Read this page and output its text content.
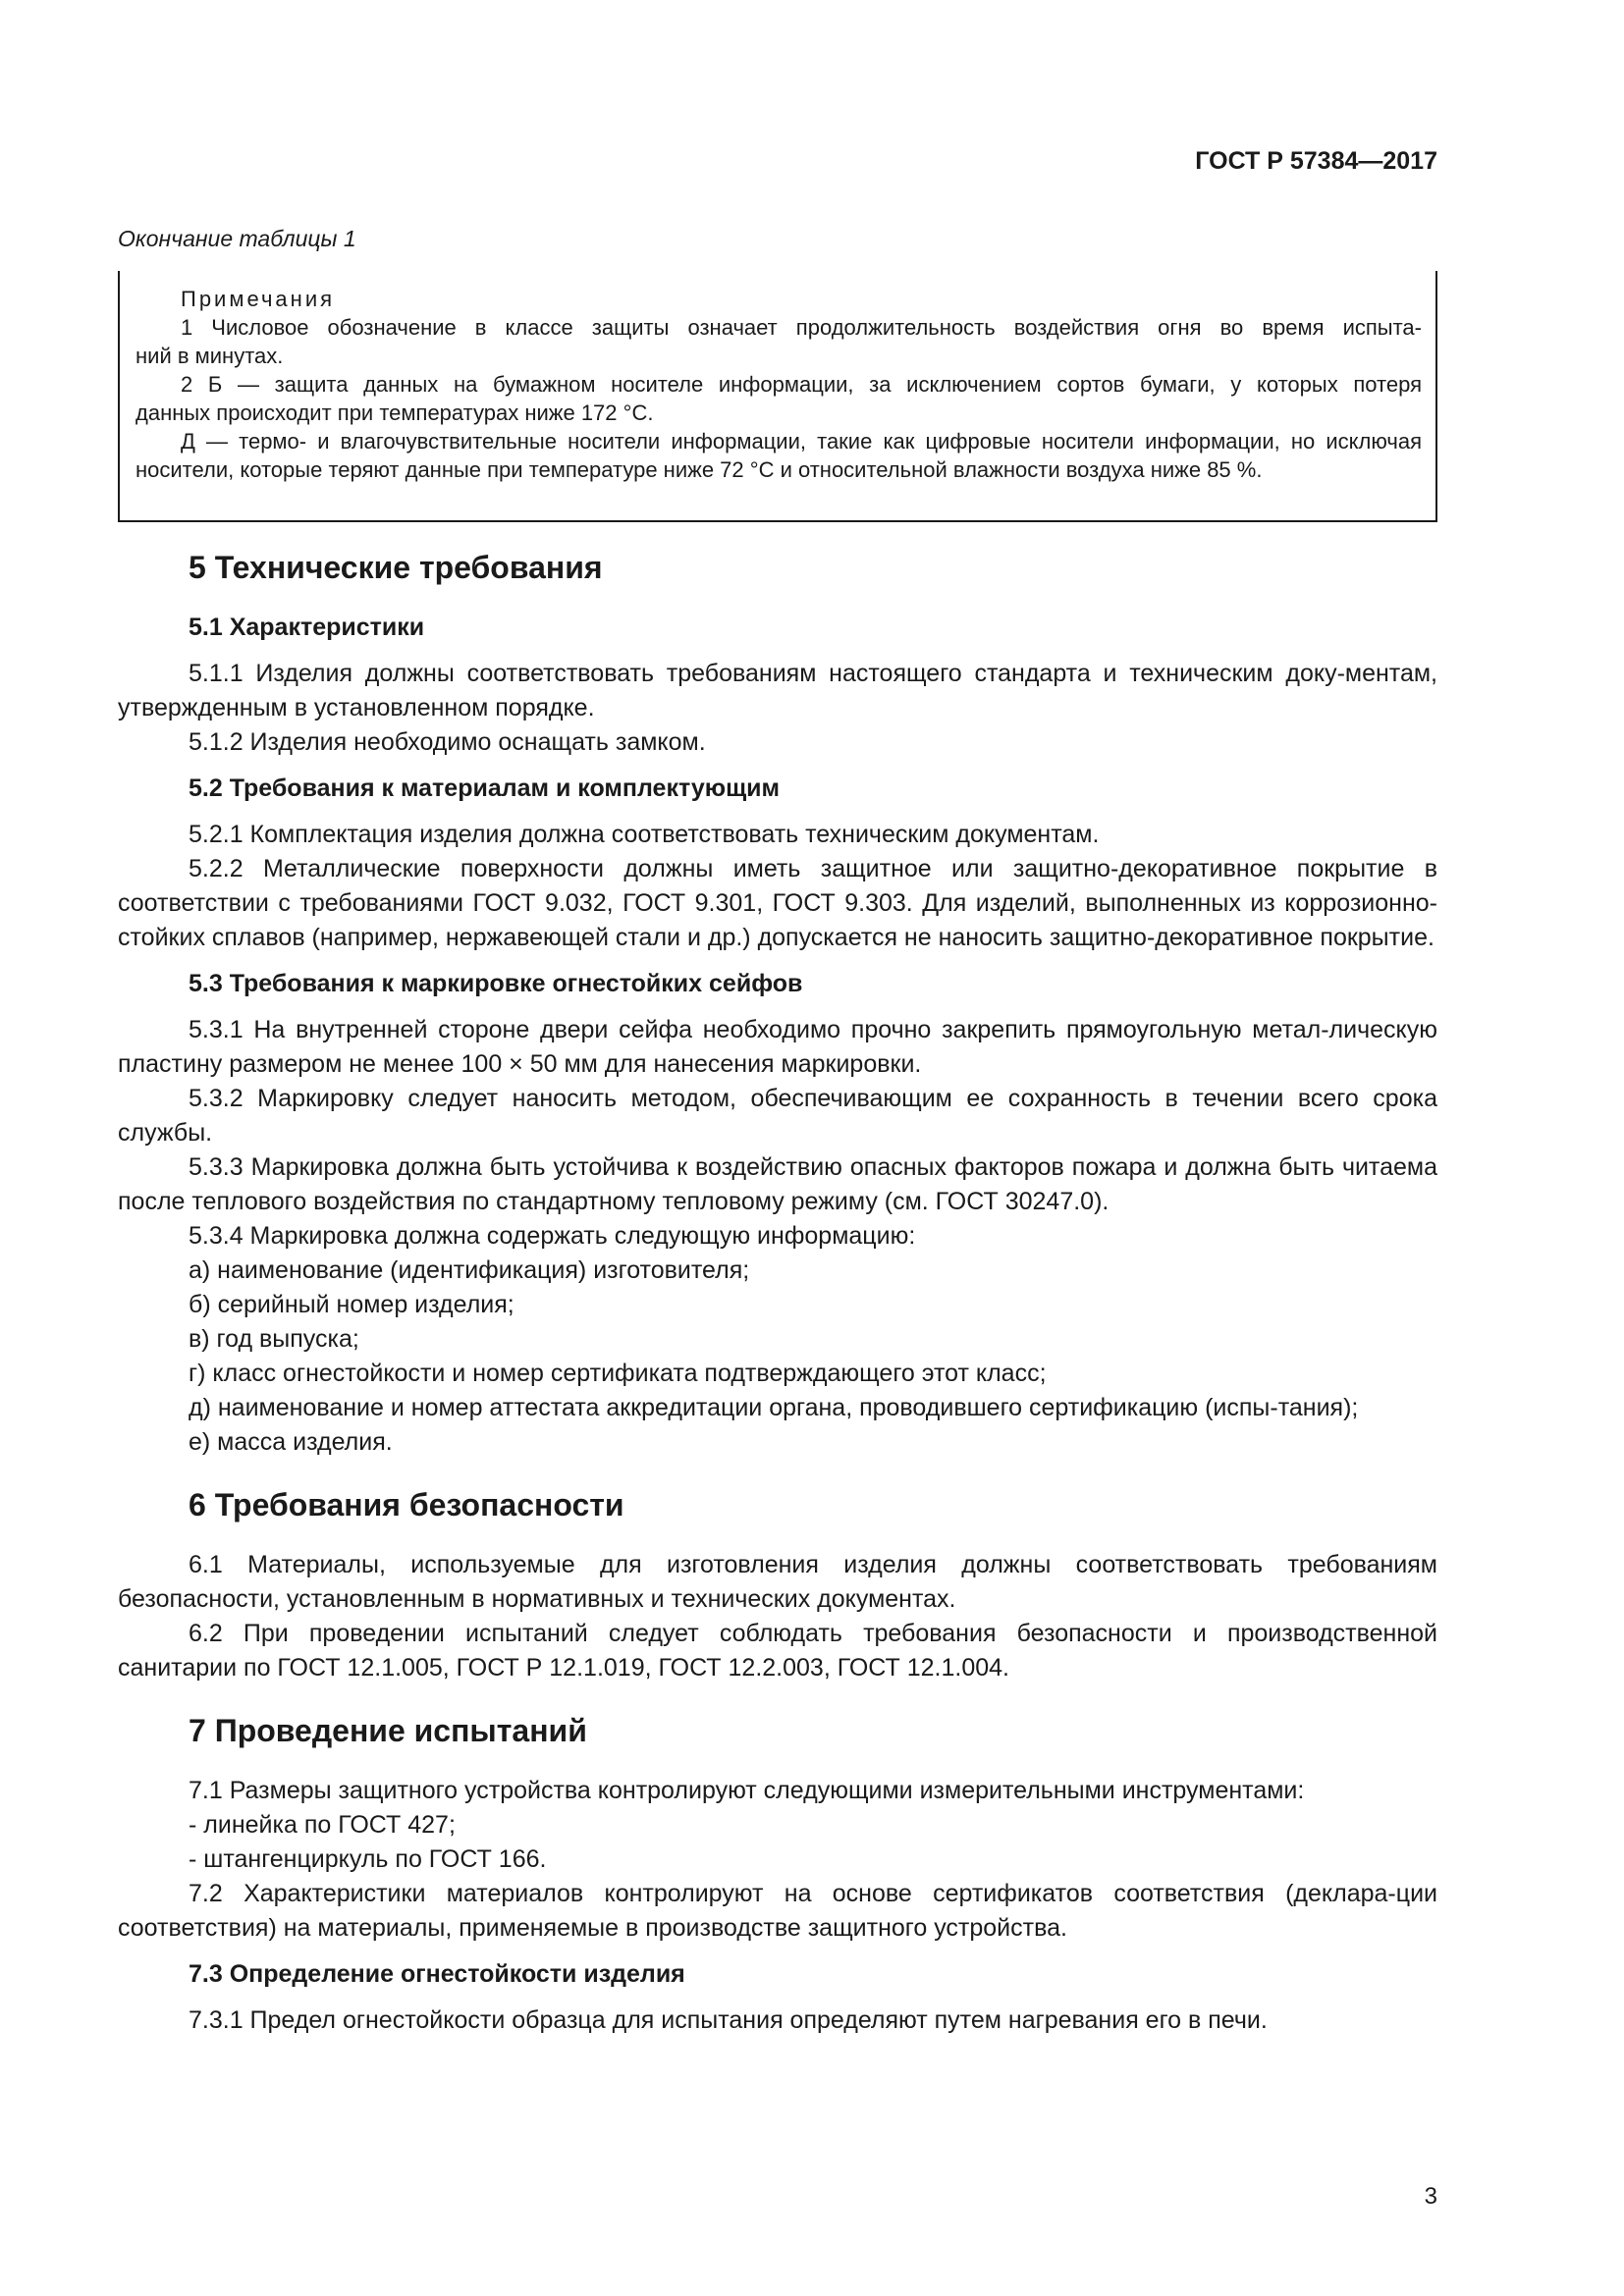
ГОСТ Р 57384—2017
Окончание таблицы 1

Примечания

1 Числовое обозначение в классе защиты означает продолжительность воздействия огня во время испыта-

ний в минутах.

2 Б — защита данных на бумажном носителе информации, за исключением сортов бумаги, у которых потеря

данных происходит при температурах ниже 172 °C.

Д — термо- и влагочувствительные носители информации, такие как цифровые носители информации, но исключая носители, которые теряют данные при температуре ниже 72 °C и относительной влажности воздуха ниже 85 %.

5 Технические требования
5.1 Характеристики

5.1.1 Изделия должны соответствовать требованиям настоящего стандарта и техническим доку-ментам, утвержденным в установленном порядке.

5.1.2 Изделия необходимо оснащать замком.

5.2 Требования к материалам и комплектующим

5.2.1 Комплектация изделия должна соответствовать техническим документам.

5.2.2 Металлические поверхности должны иметь защитное или защитно-декоративное покрытие в соответствии с требованиями ГОСТ 9.032, ГОСТ 9.301, ГОСТ 9.303. Для изделий, выполненных из коррозионно-стойких сплавов (например, нержавеющей стали и др.) допускается не наносить защитно-декоративное покрытие.

5.3 Требования к маркировке огнестойких сейфов

5.3.1 На внутренней стороне двери сейфа необходимо прочно закрепить прямоугольную метал-лическую пластину размером не менее 100 × 50 мм для нанесения маркировки.

5.3.2 Маркировку следует наносить методом, обеспечивающим ее сохранность в течении всего срока службы.

5.3.3 Маркировка должна быть устойчива к воздействию опасных факторов пожара и должна быть читаема после теплового воздействия по стандартному тепловому режиму (см. ГОСТ 30247.0).

5.3.4 Маркировка должна содержать следующую информацию:

а) наименование (идентификация) изготовителя;

б) серийный номер изделия;

в) год выпуска;

г) класс огнестойкости и номер сертификата подтверждающего этот класс;

д) наименование и номер аттестата аккредитации органа, проводившего сертификацию (испы-тания);

е) масса изделия.

6 Требования безопасности

6.1 Материалы, используемые для изготовления изделия должны соответствовать требованиям безопасности, установленным в нормативных и технических документах.

6.2 При проведении испытаний следует соблюдать требования безопасности и производственной санитарии по ГОСТ 12.1.005, ГОСТ Р 12.1.019, ГОСТ 12.2.003, ГОСТ 12.1.004.

7 Проведение испытаний

7.1 Размеры защитного устройства контролируют следующими измерительными инструментами:

- линейка по ГОСТ 427;

- штангенциркуль по ГОСТ 166.

7.2 Характеристики материалов контролируют на основе сертификатов соответствия (деклара-ции соответствия) на материалы, применяемые в производстве защитного устройства.

7.3 Определение огнестойкости изделия

7.3.1 Предел огнестойкости образца для испытания определяют путем нагревания его в печи.

3
